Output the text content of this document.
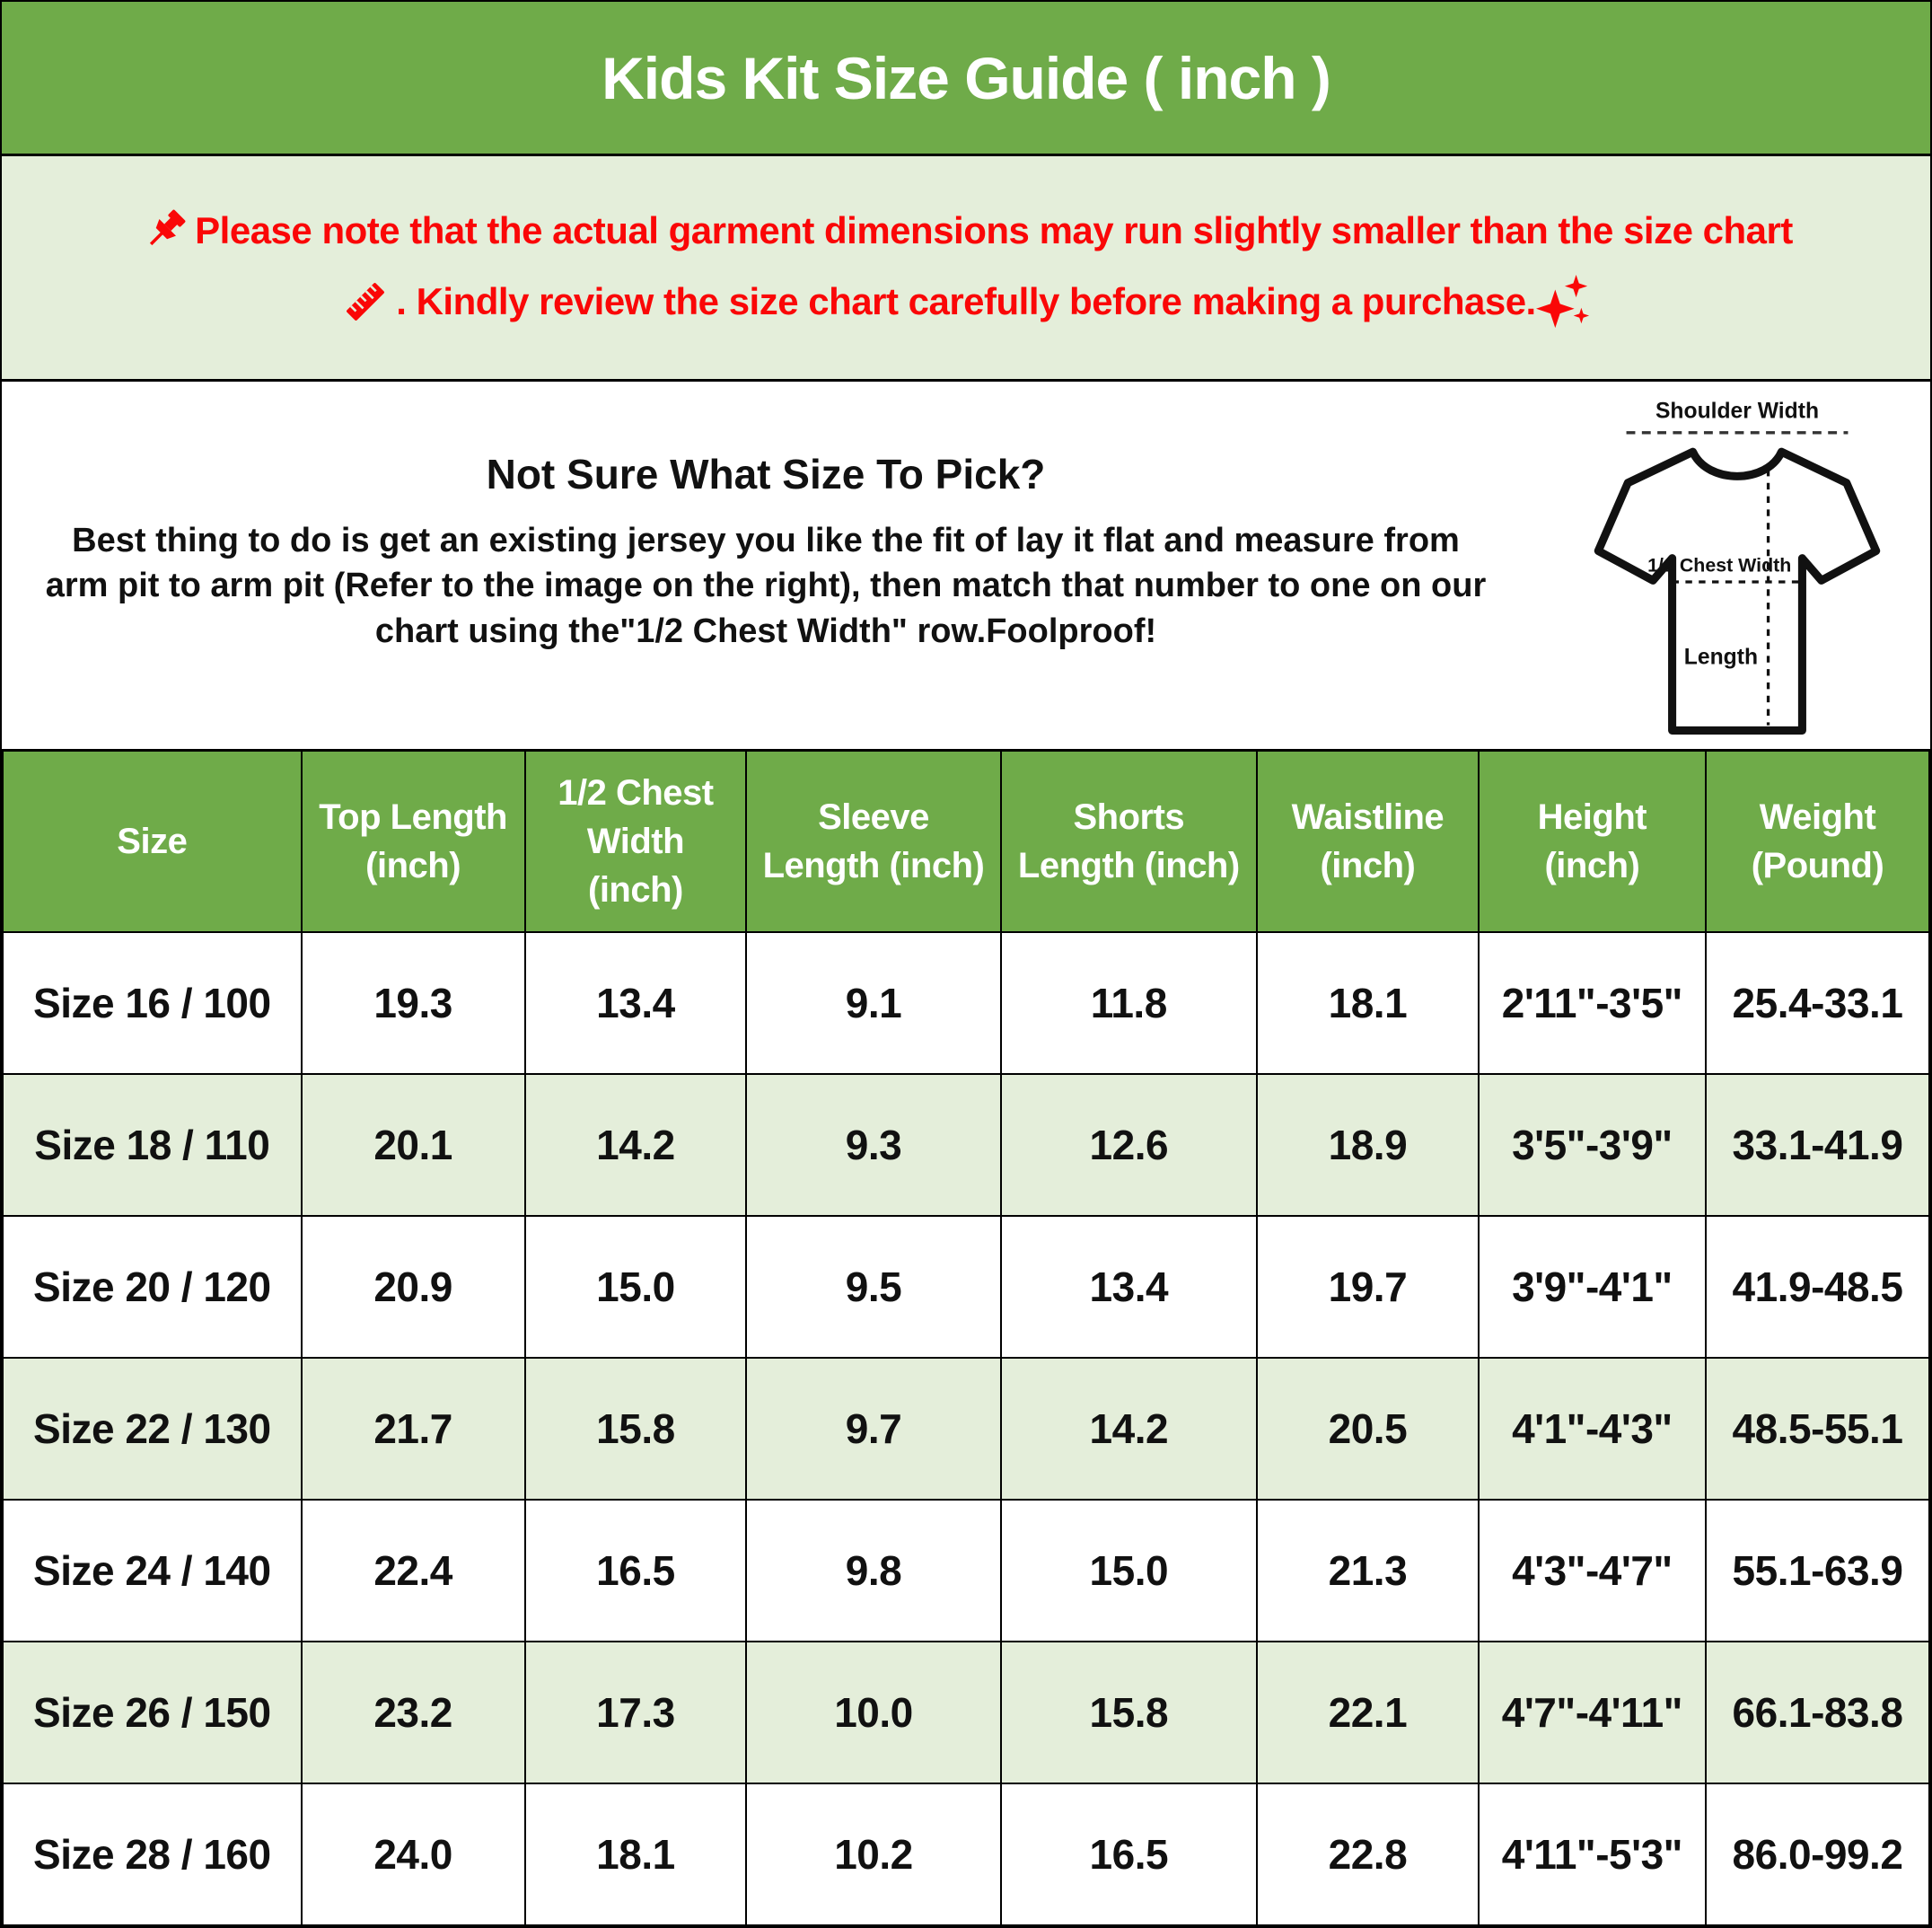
Kids Kit Size Guide ( inch )
Please note that the actual garment dimensions may run slightly smaller than the size chart
. Kindly review the size chart carefully before making a purchase.
Not Sure What Size To Pick?

Best thing to do is get an existing jersey you like the fit of lay it flat and measure from arm pit to arm pit (Refer to the image on the right), then match that number to one on our chart using the"1/2 Chest Width" row.Foolproof!

Shoulder Width
1/2 Chest Width
Length
Size	Top Length (inch)	1/2 Chest Width (inch)	Sleeve Length (inch)	Shorts Length (inch)	Waistline (inch)	Height (inch)	Weight (Pound)
Size 16 / 100	19.3	13.4	9.1	11.8	18.1	2'11"-3'5"	25.4-33.1
Size 18 / 110	20.1	14.2	9.3	12.6	18.9	3'5"-3'9"	33.1-41.9
Size 20 / 120	20.9	15.0	9.5	13.4	19.7	3'9"-4'1"	41.9-48.5
Size 22 / 130	21.7	15.8	9.7	14.2	20.5	4'1"-4'3"	48.5-55.1
Size 24 / 140	22.4	16.5	9.8	15.0	21.3	4'3"-4'7"	55.1-63.9
Size 26 / 150	23.2	17.3	10.0	15.8	22.1	4'7"-4'11"	66.1-83.8
Size 28 / 160	24.0	18.1	10.2	16.5	22.8	4'11"-5'3"	86.0-99.2
